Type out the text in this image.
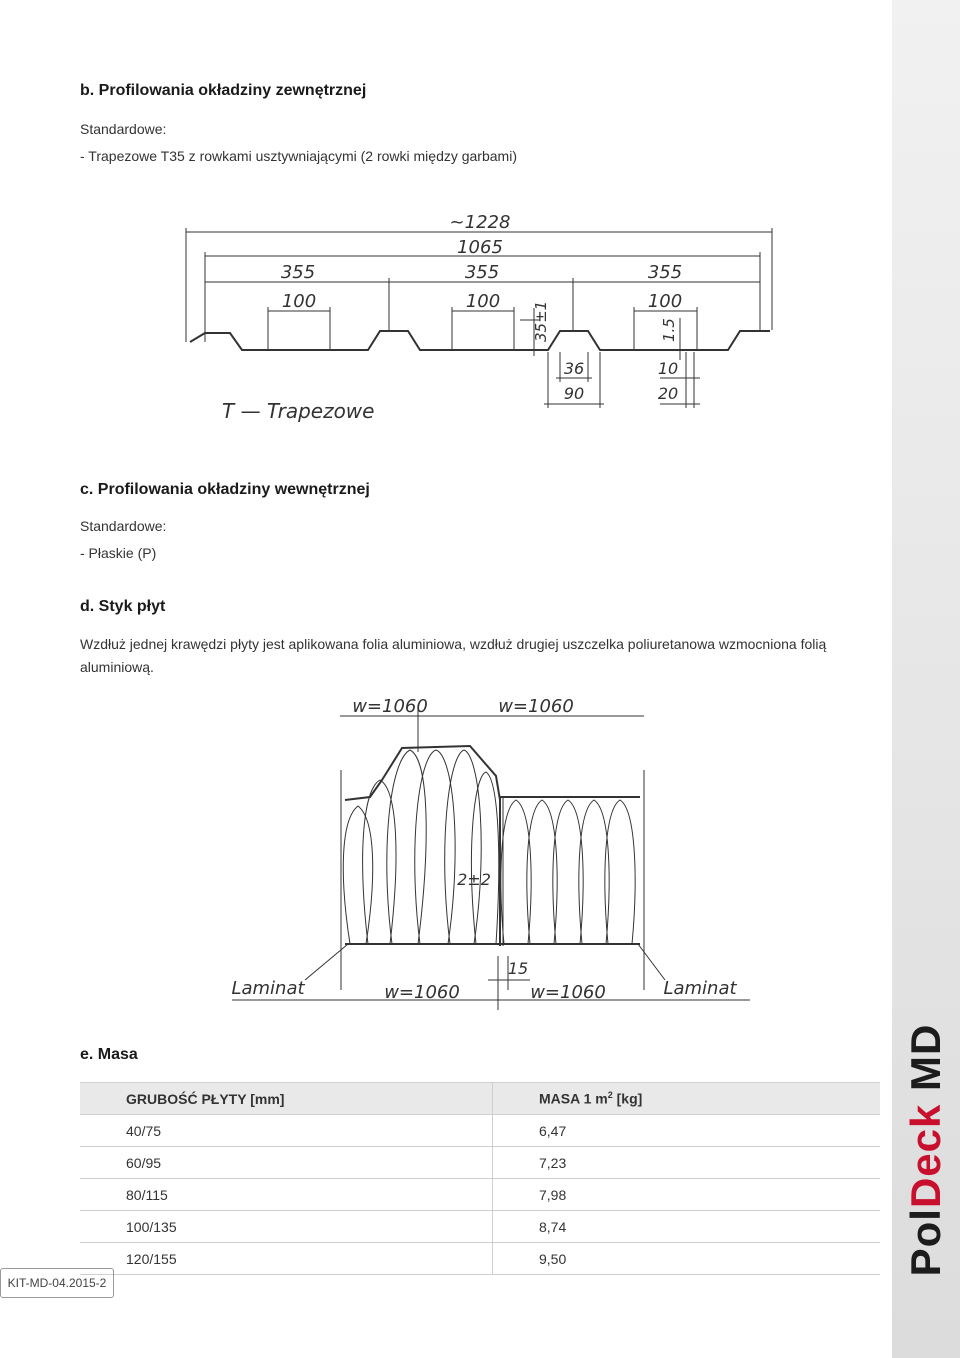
PolDeck MD
b. Profilowania okładziny zewnętrznej
Standardowe:
- Trapezowe T35 z rowkami usztywniającymi (2 rowki między garbami)
~1228
1065
355	355	355
100	100	100
35±1	1.5
36
90
10
20
T — Trapezowe
c. Profilowania okładziny wewnętrznej
Standardowe:
- Płaskie (P)
d. Styk płyt
Wzdłuż jednej krawędzi płyty jest aplikowana folia aluminiowa, wzdłuż drugiej uszczelka poliuretanowa wzmocniona folią aluminiową.
w=1060	w=1060
2±2
15
Laminat	Laminat
w=1060	w=1060
e. Masa
GRUBOŚĆ PŁYTY [mm]	MASA 1 $m^2$ [kg]
40/75	6,47
60/95	7,23
80/115	7,98
100/135	8,74
120/155	9,50
KIT-MD-04.2015-2
